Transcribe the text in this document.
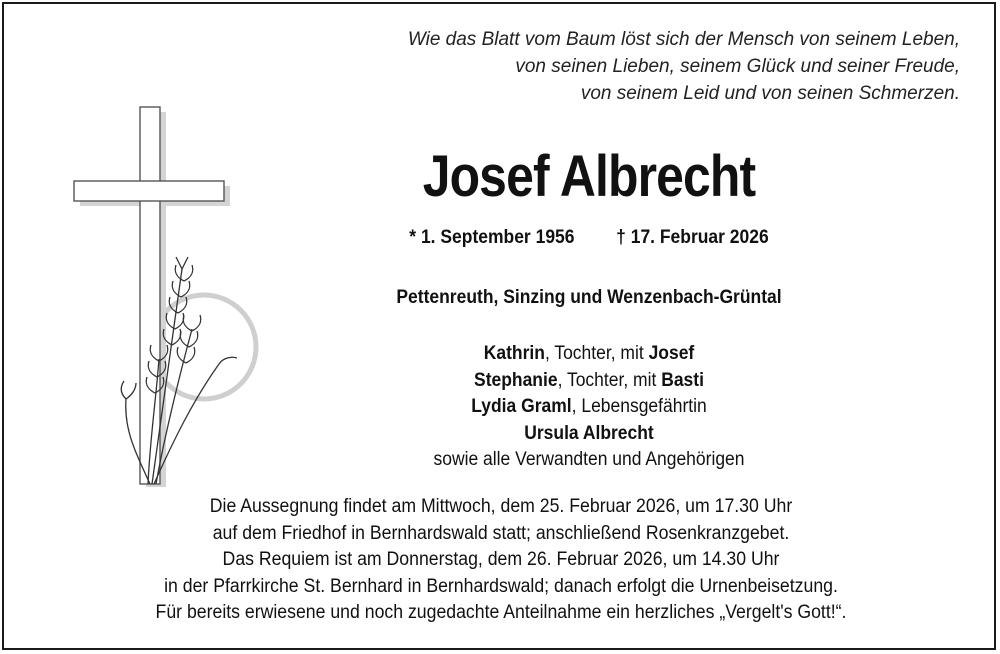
Wie das Blatt vom Baum löst sich der Mensch von seinem Leben,
von seinen Lieben, seinem Glück und seiner Freude,
von seinem Leid und von seinen Schmerzen.
Josef Albrecht
* 1. September 1956 † 17. Februar 2026
Pettenreuth, Sinzing und Wenzenbach-Grüntal
Kathrin, Tochter, mit Josef
Stephanie, Tochter, mit Basti
Lydia Graml, Lebensgefährtin
Ursula Albrecht
sowie alle Verwandten und Angehörigen
Die Aussegnung findet am Mittwoch, dem 25. Februar 2026, um 17.30 Uhr
auf dem Friedhof in Bernhardswald statt; anschließend Rosenkranzgebet.
Das Requiem ist am Donnerstag, dem 26. Februar 2026, um 14.30 Uhr
in der Pfarrkirche St. Bernhard in Bernhardswald; danach erfolgt die Urnenbeisetzung.
Für bereits erwiesene und noch zugedachte Anteilnahme ein herzliches „Vergelt's Gott!“.
